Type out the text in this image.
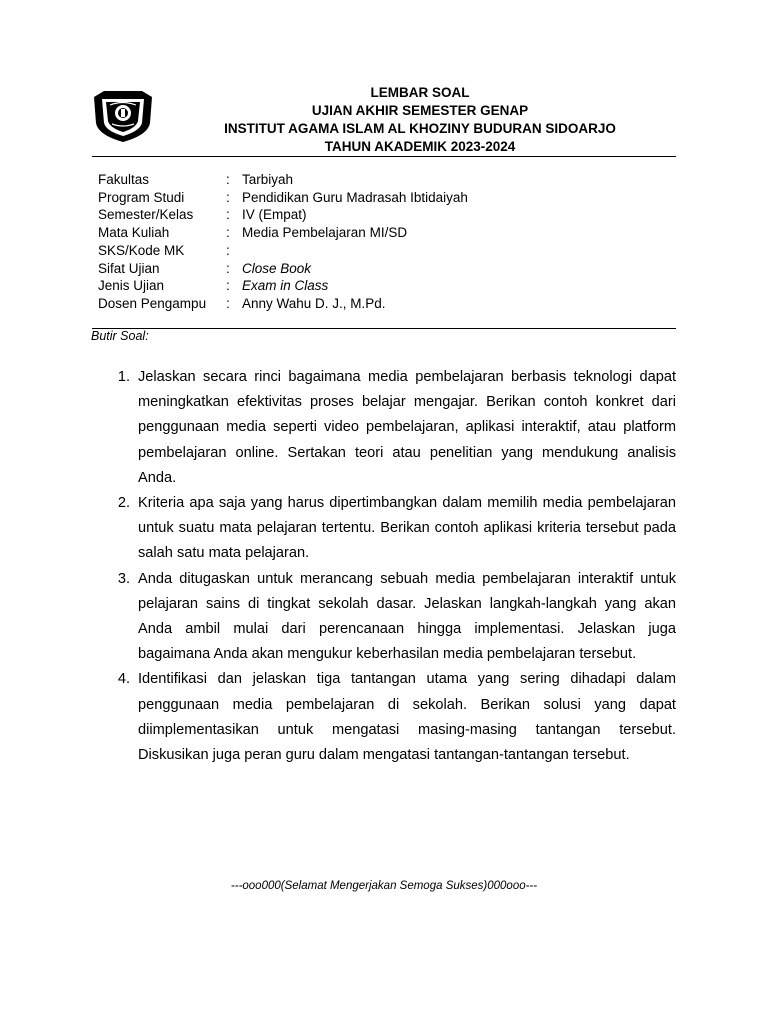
LEMBAR SOAL
UJIAN AKHIR SEMESTER GENAP
INSTITUT AGAMA ISLAM AL KHOZINY BUDURAN SIDOARJO
TAHUN AKADEMIK 2023-2024
Fakultas	:	Tarbiyah
Program Studi	:	Pendidikan Guru Madrasah Ibtidaiyah
Semester/Kelas	:	IV (Empat)
Mata Kuliah	:	Media Pembelajaran MI/SD
SKS/Kode MK	:	
Sifat Ujian	:	Close Book
Jenis Ujian	:	Exam in Class
Dosen Pengampu	:	Anny Wahu D. J., M.Pd.
Butir Soal:
1. Jelaskan secara rinci bagaimana media pembelajaran berbasis teknologi dapat meningkatkan efektivitas proses belajar mengajar. Berikan contoh konkret dari penggunaan media seperti video pembelajaran, aplikasi interaktif, atau platform pembelajaran online. Sertakan teori atau penelitian yang mendukung analisis Anda.
2. Kriteria apa saja yang harus dipertimbangkan dalam memilih media pembelajaran untuk suatu mata pelajaran tertentu. Berikan contoh aplikasi kriteria tersebut pada salah satu mata pelajaran.
3. Anda ditugaskan untuk merancang sebuah media pembelajaran interaktif untuk pelajaran sains di tingkat sekolah dasar. Jelaskan langkah-langkah yang akan Anda ambil mulai dari perencanaan hingga implementasi. Jelaskan juga bagaimana Anda akan mengukur keberhasilan media pembelajaran tersebut.
4. Identifikasi dan jelaskan tiga tantangan utama yang sering dihadapi dalam penggunaan media pembelajaran di sekolah. Berikan solusi yang dapat diimplementasikan untuk mengatasi masing-masing tantangan tersebut. Diskusikan juga peran guru dalam mengatasi tantangan-tantangan tersebut.
---ooo000(Selamat Mengerjakan Semoga Sukses)000ooo---
